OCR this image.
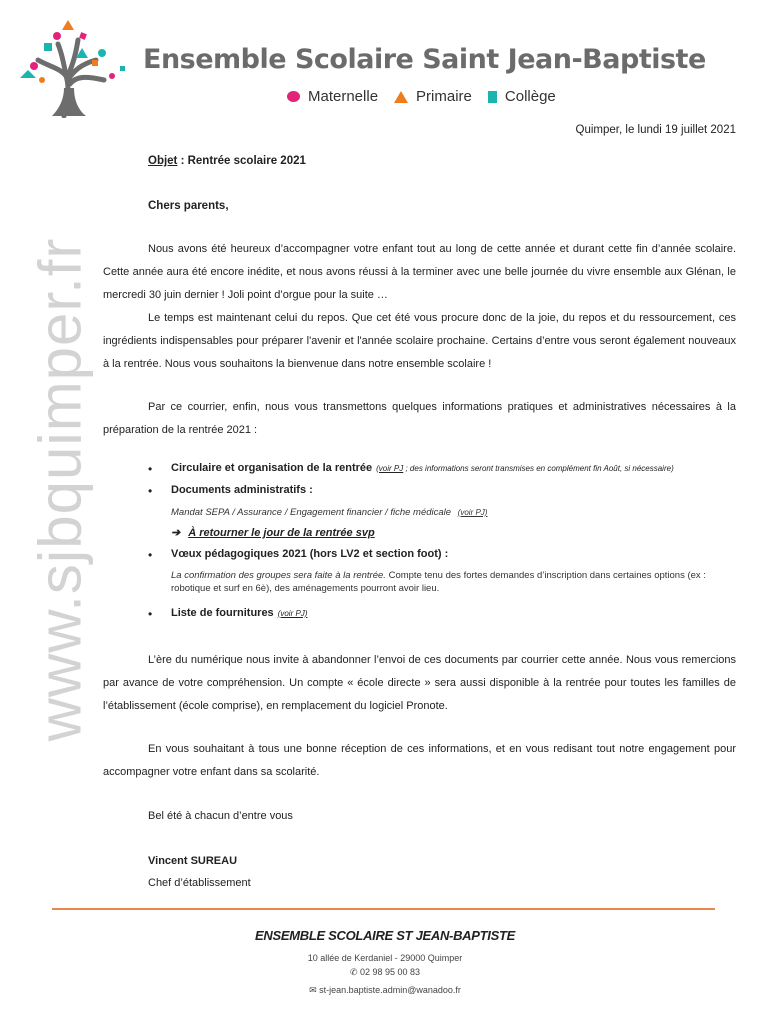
Ensemble Scolaire Saint Jean-Baptiste
Maternelle	Primaire Collège
www.sjbquimper.fr
Quimper, le lundi 19 juillet 2021
Objet : Rentrée scolaire 2021
Chers parents,

Nous avons été heureux d’accompagner votre enfant tout au long de cette année et durant cette fin d’année scolaire. Cette année aura été encore inédite, et nous avons réussi à la terminer avec une belle journée du vivre ensemble aux Glénan, le mercredi 30 juin dernier ! Joli point d’orgue pour la suite …

Le temps est maintenant celui du repos. Que cet été vous procure donc de la joie, du repos et du ressourcement, ces ingrédients indispensables pour préparer l'avenir et l'année scolaire prochaine. Certains d’entre vous seront également nouveaux à la rentrée. Nous vous souhaitons la bienvenue dans notre ensemble scolaire !

Par ce courrier, enfin, nous vous transmettons quelques informations pratiques et administratives nécessaires à la préparation de la rentrée 2021 :

• Circulaire et organisation de la rentrée (voir PJ ; des informations seront transmises en complément fin Août, si nécessaire)
• Documents administratifs :
Mandat SEPA / Assurance / Engagement financier / fiche médicale (voir PJ)
➔ À retourner le jour de la rentrée svp
• Vœux pédagogiques 2021 (hors LV2 et section foot) :
La confirmation des groupes sera faite à la rentrée. Compte tenu des fortes demandes d’inscription dans certaines options (ex : robotique et surf en 6è), des aménagements pourront avoir lieu.
• Liste de fournitures (voir PJ)

L’ère du numérique nous invite à abandonner l’envoi de ces documents par courrier cette année. Nous vous remercions par avance de votre compréhension. Un compte « école directe » sera aussi disponible à la rentrée pour toutes les familles de l’établissement (école comprise), en remplacement du logiciel Pronote.

En vous souhaitant à tous une bonne réception de ces informations, et en vous redisant tout notre engagement pour accompagner votre enfant dans sa scolarité.

Bel été à chacun d’entre vous
Vincent SUREAU
Chef d’établissement
ENSEMBLE SCOLAIRE ST JEAN-BAPTISTE
10 allée de Kerdaniel - 29000 Quimper
✆ 02 98 95 00 83
✉ st-jean.baptiste.admin@wanadoo.fr
